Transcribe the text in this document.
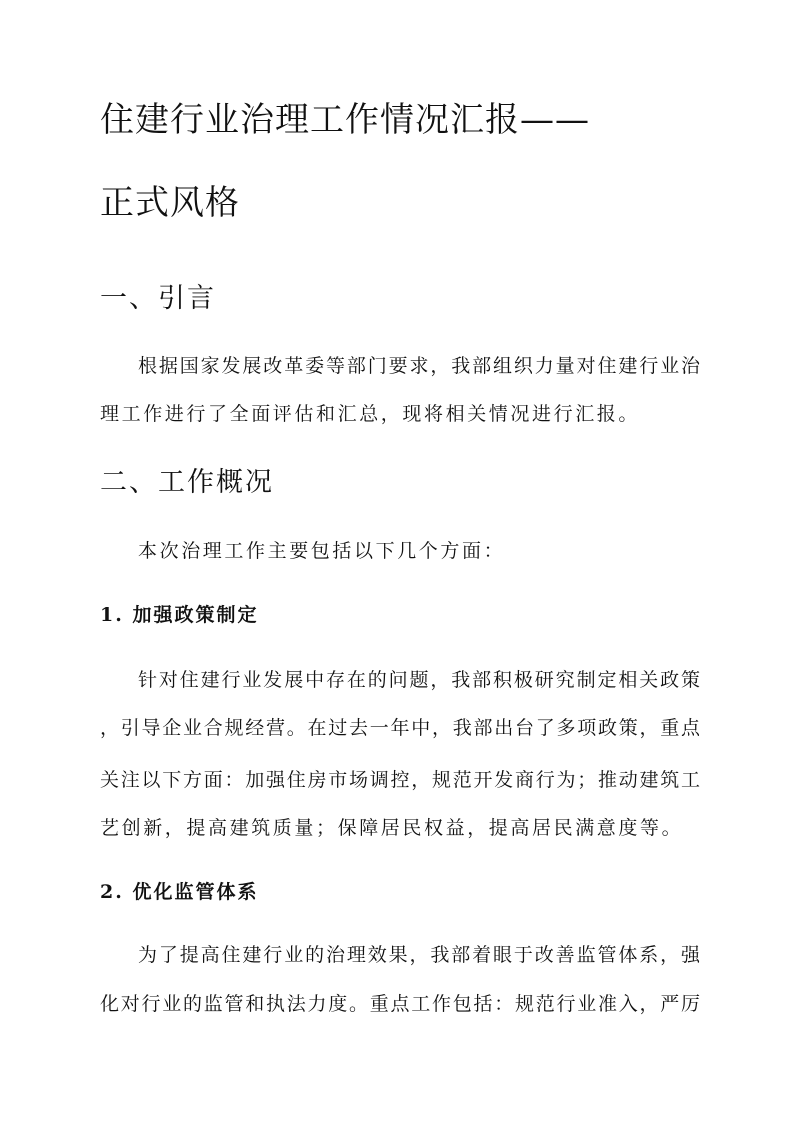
住建行业治理工作情况汇报——
正式风格
一、引言
根据国家发展改革委等部门要求，我部组织力量对住建行业治
理工作进行了全面评估和汇总，现将相关情况进行汇报。
二、工作概况
本次治理工作主要包括以下几个方面：
1. 加强政策制定
针对住建行业发展中存在的问题，我部积极研究制定相关政策
，引导企业合规经营。在过去一年中，我部出台了多项政策，重点
关注以下方面：加强住房市场调控，规范开发商行为；推动建筑工
艺创新，提高建筑质量；保障居民权益，提高居民满意度等。
2. 优化监管体系
为了提高住建行业的治理效果，我部着眼于改善监管体系，强
化对行业的监管和执法力度。重点工作包括：规范行业准入，严厉
